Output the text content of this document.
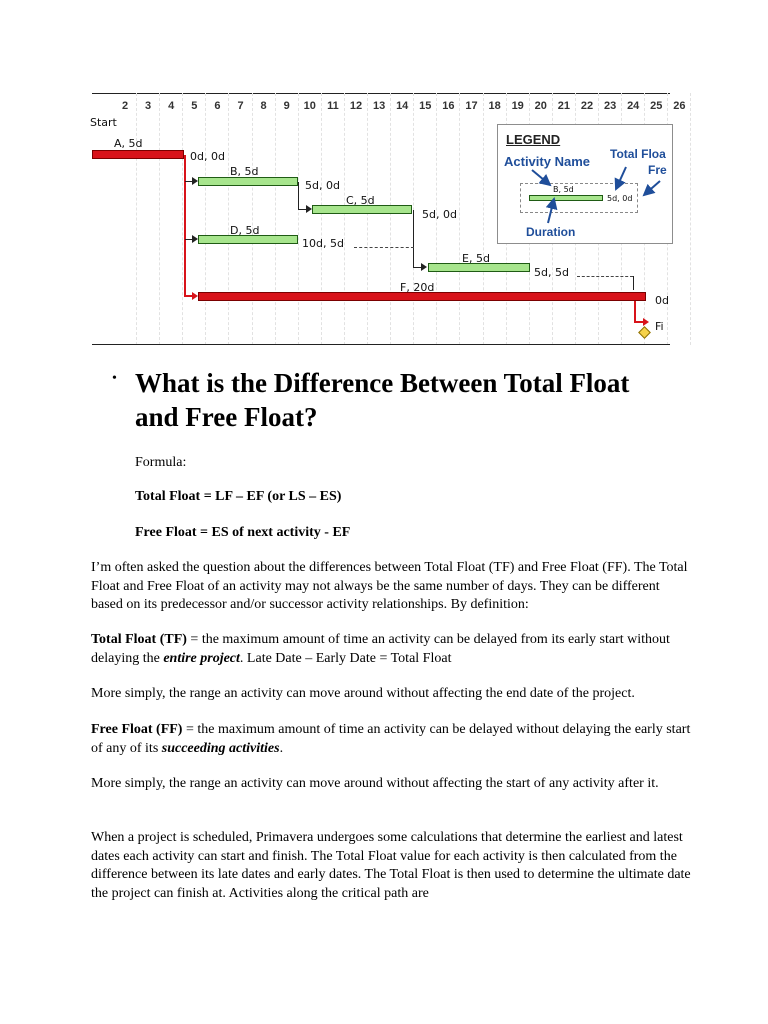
2	3	4	5	6	7	8	9	10	11	12 13 14 15 16 17 18 19 20 21 22 23 24 25 26
Start
A, 5d
0d, 0d
B, 5d
5d, 0d
C, 5d
5d, 0d
D, 5d
10d, 5d
E, 5d
5d, 5d
F, 20d
0d
Fi
LEGEND
Activity Name Total Floa
Fre
B, 5d
5d, 0d
Duration
• What is the Difference Between Total Float and Free Float?

Formula:

Total Float = LF – EF (or LS – ES)

Free Float = ES of next activity - EF

I’m often asked the question about the differences between Total Float (TF) and Free Float (FF). The Total Float and Free Float of an activity may not always be the same number of days. They can be different based on its predecessor and/or successor activity relationships. By definition:

Total Float (TF) = the maximum amount of time an activity can be delayed from its early start without delaying the entire project. Late Date – Early Date = Total Float

More simply, the range an activity can move around without affecting the end date of the project.

Free Float (FF) = the maximum amount of time an activity can be delayed without delaying the early start of any of its succeeding activities.

More simply, the range an activity can move around without affecting the start of any activity after it.

When a project is scheduled, Primavera undergoes some calculations that determine the earliest and latest dates each activity can start and finish. The Total Float value for each activity is then calculated from the difference between its late dates and early dates. The Total Float is then used to determine the ultimate date the project can finish at. Activities along the critical path are
